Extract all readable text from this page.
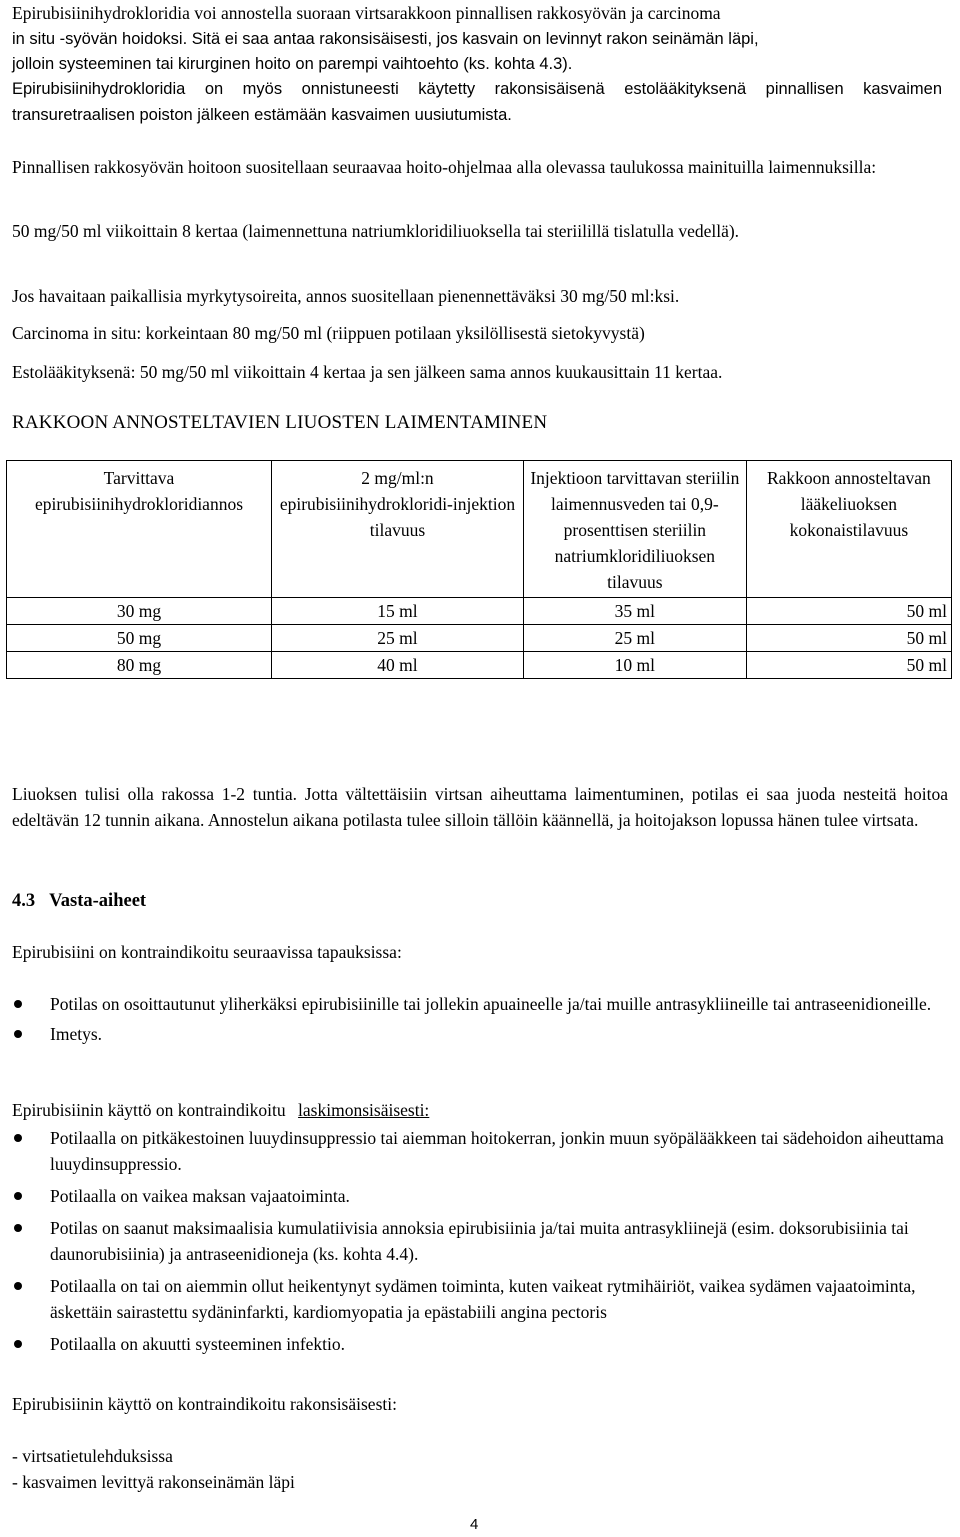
Epirubisiinihydrokloridia voi annostella suoraan virtsarakkoon pinnallisen rakkosyövän ja carcinoma
in situ -syövän hoidoksi. Sitä ei saa antaa rakonsisäisesti, jos kasvain on levinnyt rakon seinämän läpi,
jolloin systeeminen tai kirurginen hoito on parempi vaihtoehto (ks. kohta 4.3).
Epirubisiinihydrokloridia on myös onnistuneesti käytetty rakonsisäisenä estolääkityksenä pinnallisen kasvaimen transuretraalisen poiston jälkeen estämään kasvaimen uusiutumista.
Pinnallisen rakkosyövän hoitoon suositellaan seuraavaa hoito-ohjelmaa alla olevassa taulukossa mainituilla laimennuksilla:
50 mg/50 ml viikoittain 8 kertaa (laimennettuna natriumkloridiliuoksella tai steriilillä tislatulla vedellä).
Jos havaitaan paikallisia myrkytysoireita, annos suositellaan pienennettäväksi 30 mg/50 ml:ksi.
Carcinoma in situ: korkeintaan 80 mg/50 ml (riippuen potilaan yksilöllisestä sietokyvystä)
Estolääkityksenä: 50 mg/50 ml viikoittain 4 kertaa ja sen jälkeen sama annos kuukausittain 11 kertaa.
RAKKOON ANNOSTELTAVIEN LIUOSTEN LAIMENTAMINEN
Tarvittava epirubisiinihydrokloridiannos	2 mg/ml:n epirubisiinihydrokloridi-injektion tilavuus	Injektioon tarvittavan steriilin laimennusveden tai 0,9-prosenttisen steriilin natriumkloridiliuoksen tilavuus	Rakkoon annosteltavan lääkeliuoksen kokonaistilavuus
30 mg	15 ml	35 ml	50 ml
50 mg	25 ml	25 ml	50 ml
80 mg	40 ml	10 ml	50 ml
Liuoksen tulisi olla rakossa 1-2 tuntia. Jotta vältettäisiin virtsan aiheuttama laimentuminen, potilas ei saa juoda nesteitä hoitoa edeltävän 12 tunnin aikana. Annostelun aikana potilasta tulee silloin tällöin käännellä, ja hoitojakson lopussa hänen tulee virtsata.
4.3 Vasta-aiheet
Epirubisiini on kontraindikoitu seuraavissa tapauksissa:
Potilas on osoittautunut yliherkäksi epirubisiinille tai jollekin apuaineelle ja/tai muille antrasykliineille tai antraseenidioneille.
Imetys.
Epirubisiinin käyttö on kontraindikoitu laskimonsisäisesti:
Potilaalla on pitkäkestoinen luuydinsuppressio tai aiemman hoitokerran, jonkin muun syöpälääkkeen tai sädehoidon aiheuttama luuydinsuppressio.
Potilaalla on vaikea maksan vajaatoiminta.
Potilas on saanut maksimaalisia kumulatiivisia annoksia epirubisiinia ja/tai muita antrasykliinejä (esim. doksorubisiinia tai daunorubisiinia) ja antraseenidioneja (ks. kohta 4.4).
Potilaalla on tai on aiemmin ollut heikentynyt sydämen toiminta, kuten vaikeat rytmihäiriöt, vaikea sydämen vajaatoiminta, äskettäin sairastettu sydäninfarkti, kardiomyopatia ja epästabiili angina pectoris
Potilaalla on akuutti systeeminen infektio.
Epirubisiinin käyttö on kontraindikoitu rakonsisäisesti:
- virtsatietulehduksissa
- kasvaimen levittyä rakonseinämän läpi
4
